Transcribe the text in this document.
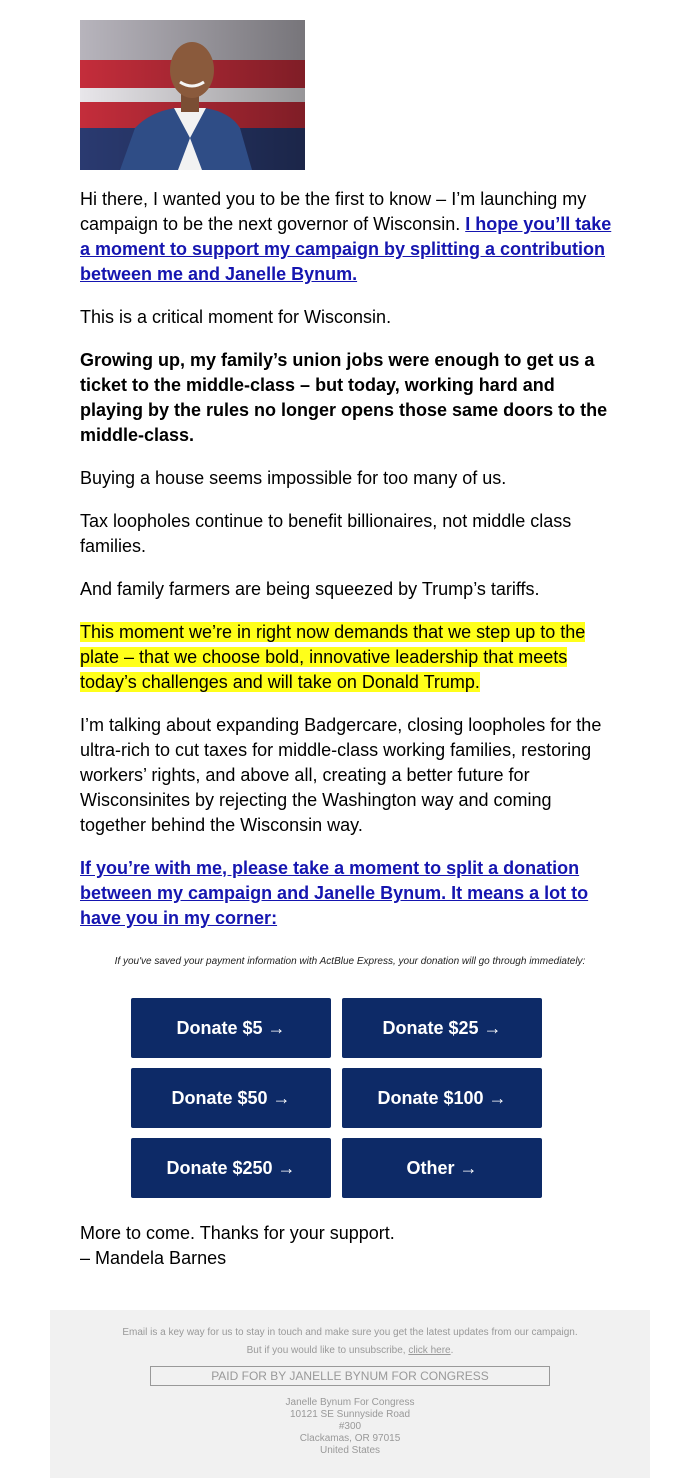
Hi there, I wanted you to be the first to know – I’m launching my campaign to be the next governor of Wisconsin. I hope you’ll take a moment to support my campaign by splitting a contribution between me and Janelle Bynum.

This is a critical moment for Wisconsin.

Growing up, my family’s union jobs were enough to get us a ticket to the middle-class – but today, working hard and playing by the rules no longer opens those same doors to the middle-class.

Buying a house seems impossible for too many of us.

Tax loopholes continue to benefit billionaires, not middle class families.

And family farmers are being squeezed by Trump’s tariffs.

This moment we’re in right now demands that we step up to the plate – that we choose bold, innovative leadership that meets today’s challenges and will take on Donald Trump.

I’m talking about expanding Badgercare, closing loopholes for the ultra-rich to cut taxes for middle-class working families, restoring workers’ rights, and above all, creating a better future for Wisconsinites by rejecting the Washington way and coming together behind the Wisconsin way.

If you’re with me, please take a moment to split a donation between my campaign and Janelle Bynum. It means a lot to have you in my corner:

If you've saved your payment information with ActBlue Express, your donation will go through immediately:
Donate $5 →	Donate $25 →
Donate $50 →	Donate $100 →
Donate $250 →	Other →
More to come. Thanks for your support.
– Mandela Barnes
Email is a key way for us to stay in touch and make sure you get the latest updates from our campaign.
But if you would like to unsubscribe, click here.
PAID FOR BY JANELLE BYNUM FOR CONGRESS
Janelle Bynum For Congress
10121 SE Sunnyside Road
#300
Clackamas, OR 97015
United States
